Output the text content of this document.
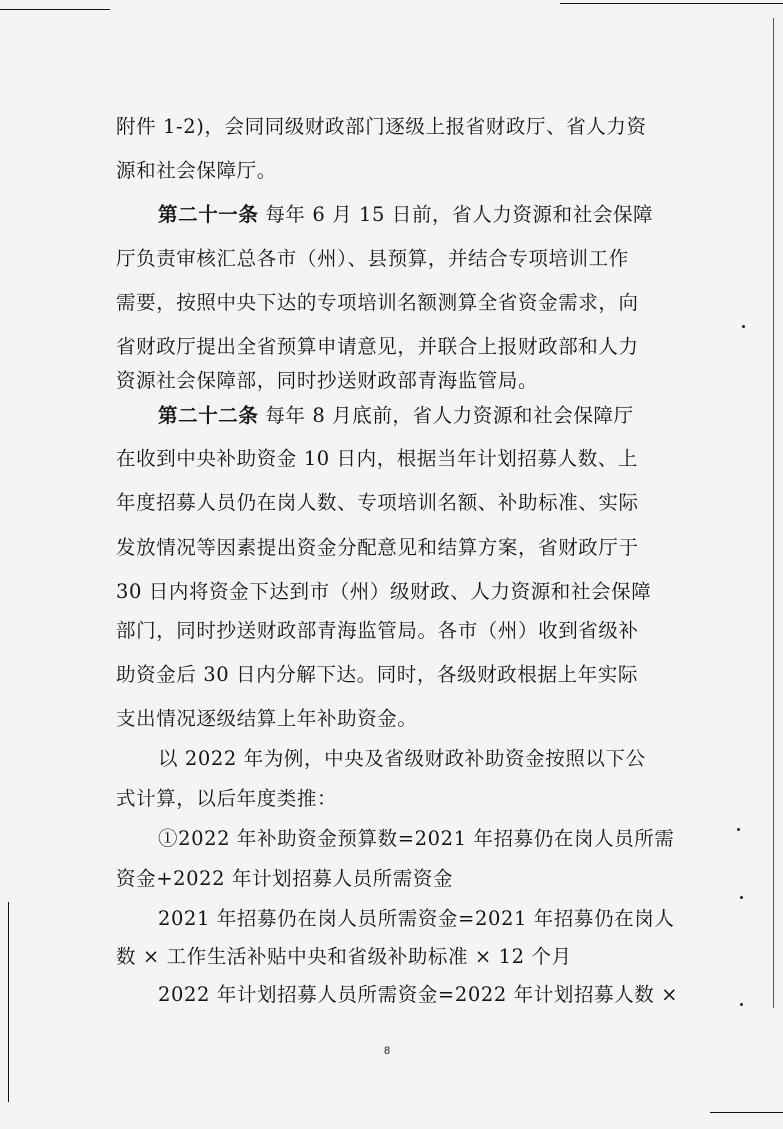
附件 1-2)，会同同级财政部门逐级上报省财政厅、省人力资
源和社会保障厅。
第二十一条 每年 6 月 15 日前，省人力资源和社会保障
厅负责审核汇总各市（州）、县预算，并结合专项培训工作
需要，按照中央下达的专项培训名额测算全省资金需求，向
省财政厅提出全省预算申请意见，并联合上报财政部和人力
资源社会保障部，同时抄送财政部青海监管局。
第二十二条 每年 8 月底前，省人力资源和社会保障厅
在收到中央补助资金 10 日内，根据当年计划招募人数、上
年度招募人员仍在岗人数、专项培训名额、补助标准、实际
发放情况等因素提出资金分配意见和结算方案，省财政厅于
30 日内将资金下达到市（州）级财政、人力资源和社会保障
部门，同时抄送财政部青海监管局。各市（州）收到省级补
助资金后 30 日内分解下达。同时，各级财政根据上年实际
支出情况逐级结算上年补助资金。
以 2022 年为例，中央及省级财政补助资金按照以下公
式计算，以后年度类推：
①2022 年补助资金预算数=2021 年招募仍在岗人员所需
资金+2022 年计划招募人员所需资金
2021 年招募仍在岗人员所需资金=2021 年招募仍在岗人
数 × 工作生活补贴中央和省级补助标准 × 12 个月
2022 年计划招募人员所需资金=2022 年计划招募人数 ×
8
